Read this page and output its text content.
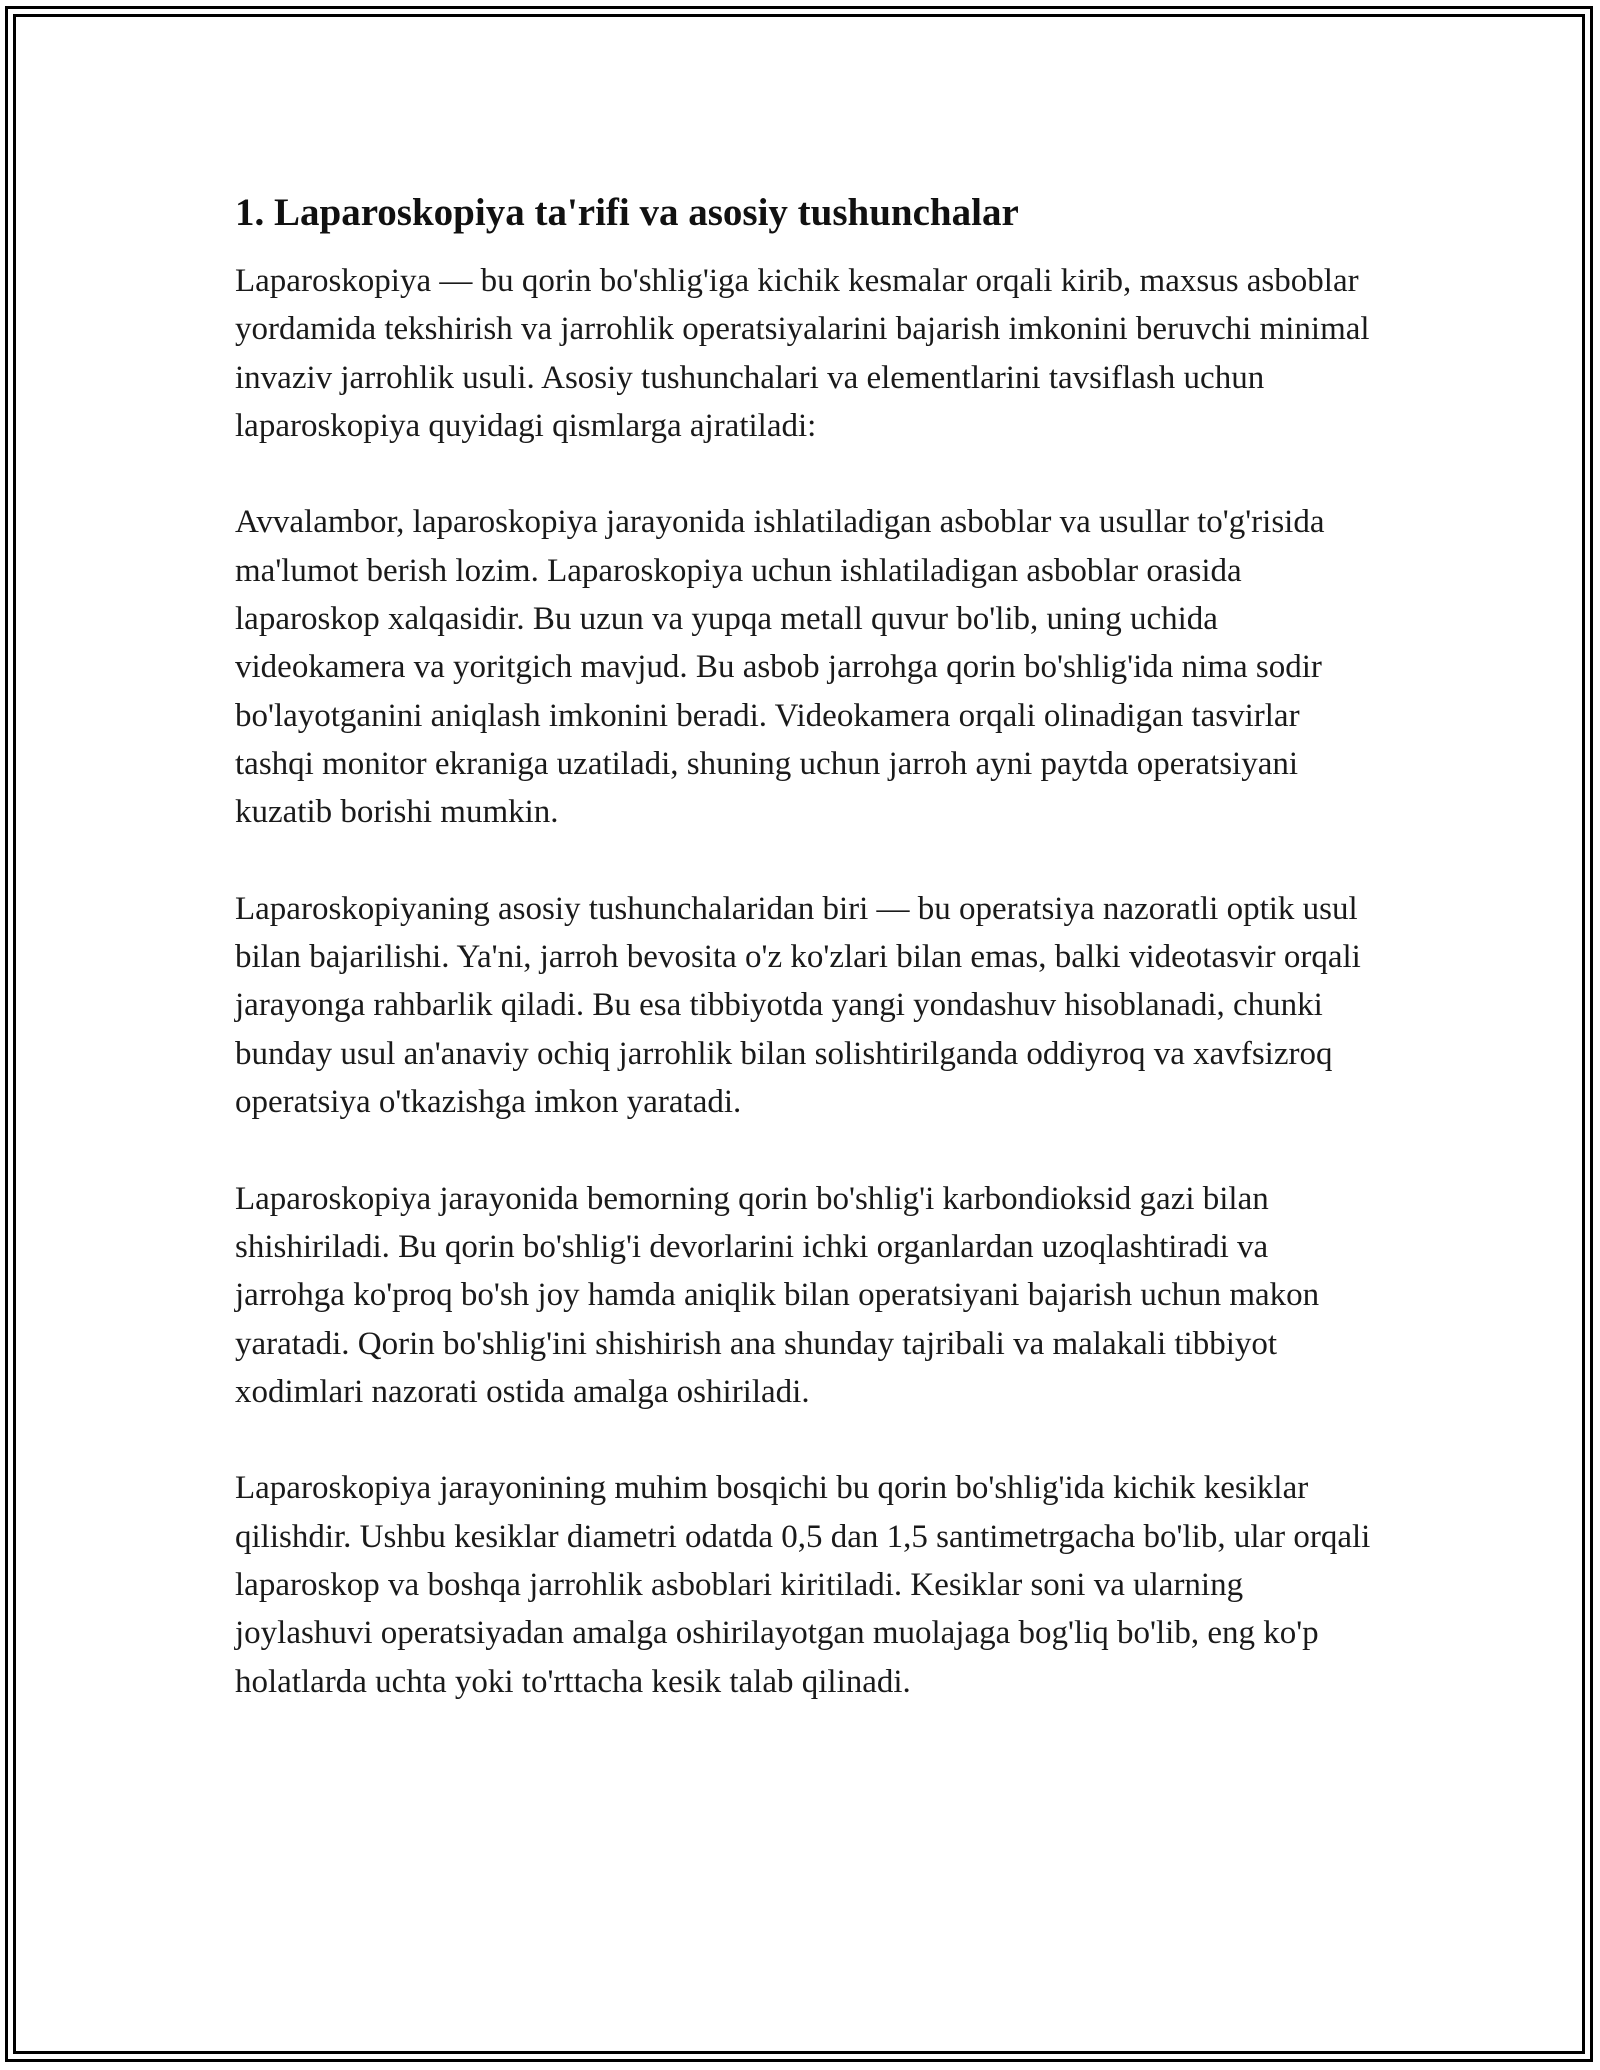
1. Laparoskopiya ta'rifi va asosiy tushunchalar

Laparoskopiya — bu qorin bo'shlig'iga kichik kesmalar orqali kirib, maxsus asboblar yordamida tekshirish va jarrohlik operatsiyalarini bajarish imkonini beruvchi minimal invaziv jarrohlik usuli. Asosiy tushunchalari va elementlarini tavsiflash uchun laparoskopiya quyidagi qismlarga ajratiladi:

Avvalambor, laparoskopiya jarayonida ishlatiladigan asboblar va usullar to'g'risida ma'lumot berish lozim. Laparoskopiya uchun ishlatiladigan asboblar orasida laparoskop xalqasidir. Bu uzun va yupqa metall quvur bo'lib, uning uchida videokamera va yoritgich mavjud. Bu asbob jarrohga qorin bo'shlig'ida nima sodir bo'layotganini aniqlash imkonini beradi. Videokamera orqali olinadigan tasvirlar tashqi monitor ekraniga uzatiladi, shuning uchun jarroh ayni paytda operatsiyani kuzatib borishi mumkin.

Laparoskopiyaning asosiy tushunchalaridan biri — bu operatsiya nazoratli optik usul bilan bajarilishi. Ya'ni, jarroh bevosita o'z ko'zlari bilan emas, balki videotasvir orqali jarayonga rahbarlik qiladi. Bu esa tibbiyotda yangi yondashuv hisoblanadi, chunki bunday usul an'anaviy ochiq jarrohlik bilan solishtirilganda oddiyroq va xavfsizroq operatsiya o'tkazishga imkon yaratadi.

Laparoskopiya jarayonida bemorning qorin bo'shlig'i karbondioksid gazi bilan shishiriladi. Bu qorin bo'shlig'i devorlarini ichki organlardan uzoqlashtiradi va jarrohga ko'proq bo'sh joy hamda aniqlik bilan operatsiyani bajarish uchun makon yaratadi. Qorin bo'shlig'ini shishirish ana shunday tajribali va malakali tibbiyot xodimlari nazorati ostida amalga oshiriladi.

Laparoskopiya jarayonining muhim bosqichi bu qorin bo'shlig'ida kichik kesiklar qilishdir. Ushbu kesiklar diametri odatda 0,5 dan 1,5 santimetrgacha bo'lib, ular orqali laparoskop va boshqa jarrohlik asboblari kiritiladi. Kesiklar soni va ularning joylashuvi operatsiyadan amalga oshirilayotgan muolajaga bog'liq bo'lib, eng ko'p holatlarda uchta yoki to'rttacha kesik talab qilinadi.
